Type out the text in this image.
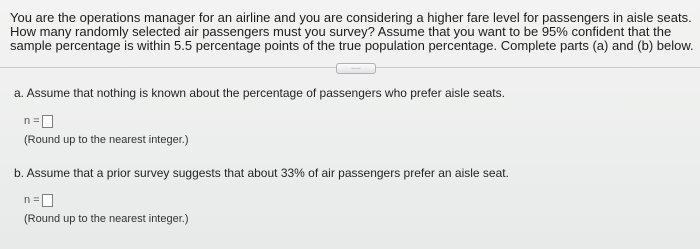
You are the operations manager for an airline and you are considering a higher fare level for passengers in aisle seats.
How many randomly selected air passengers must you survey? Assume that you want to be 95% confident that the
sample percentage is within 5.5 percentage points of the true population percentage. Complete parts (a) and (b) below.
.....
a. Assume that nothing is known about the percentage of passengers who prefer aisle seats.
n =
(Round up to the nearest integer.)
b. Assume that a prior survey suggests that about 33% of air passengers prefer an aisle seat.
n =
(Round up to the nearest integer.)
